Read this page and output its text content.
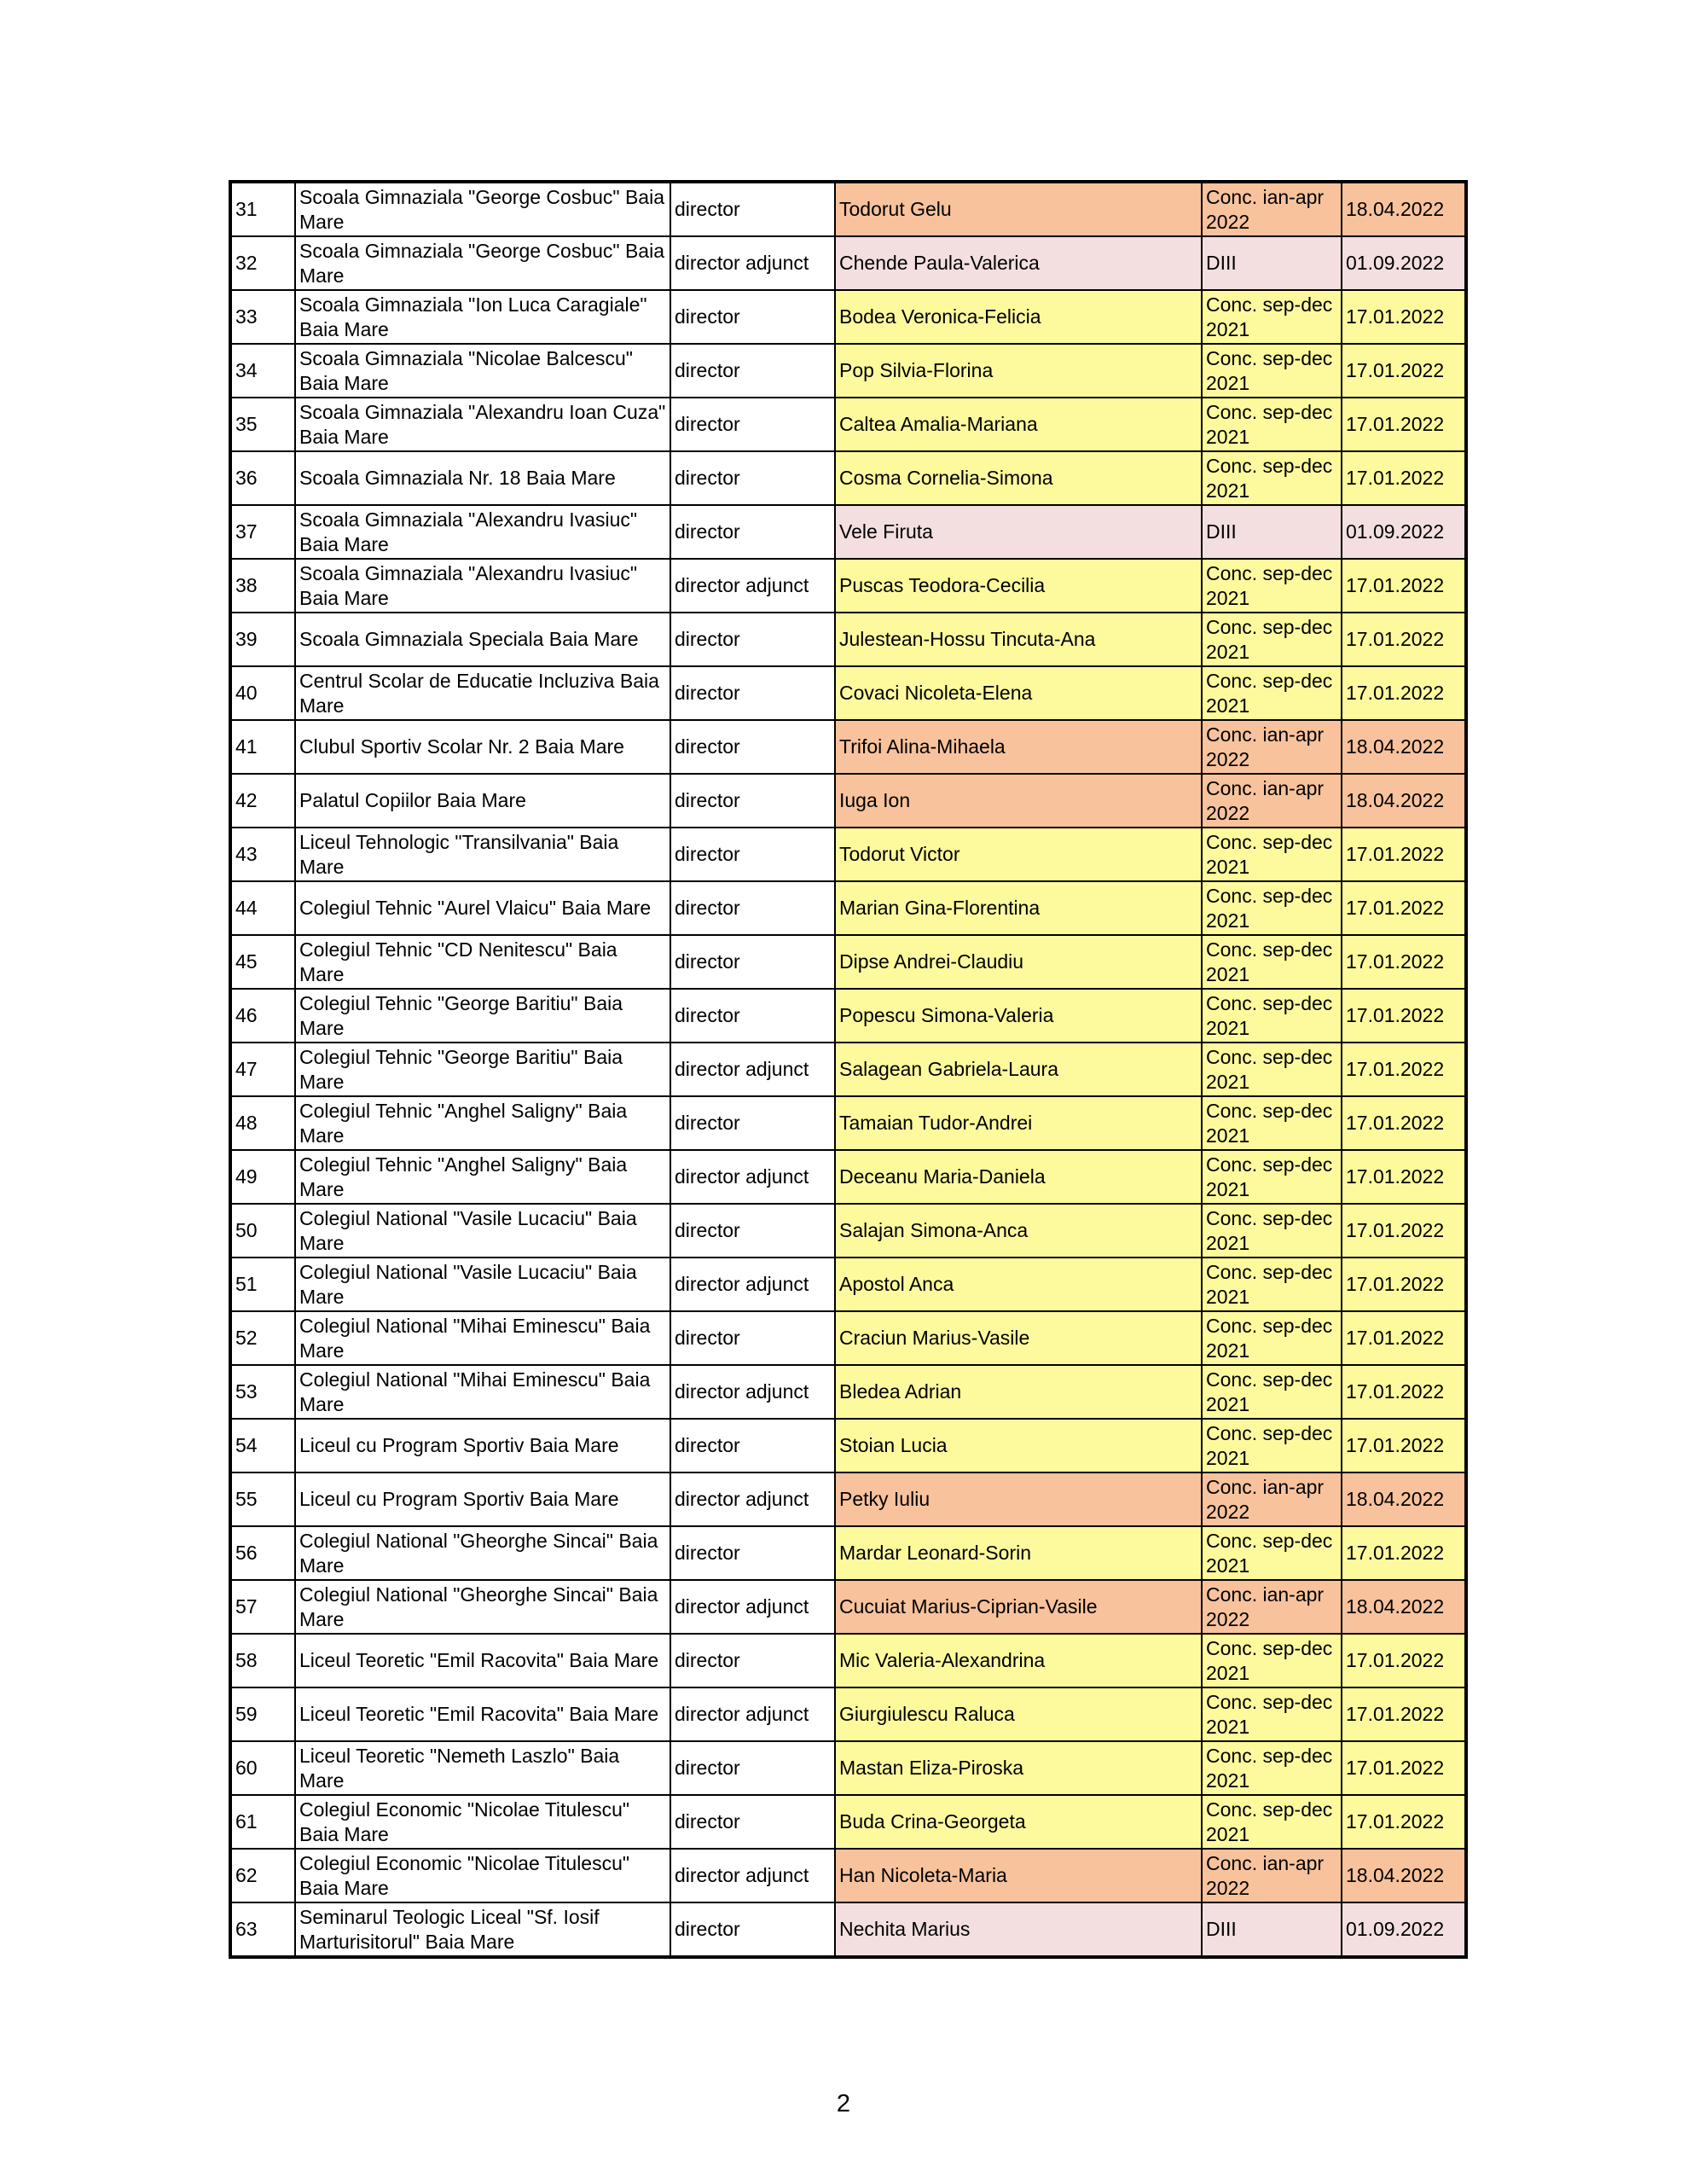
31	Scoala Gimnaziala "George Cosbuc" Baia Mare	director	Todorut Gelu	Conc. ian-apr 2022	18.04.2022
32	Scoala Gimnaziala "George Cosbuc" Baia Mare	director adjunct	Chende Paula-Valerica	DIII	01.09.2022
33	Scoala Gimnaziala "Ion Luca Caragiale" Baia Mare	director	Bodea Veronica-Felicia	Conc. sep-dec 2021	17.01.2022
34	Scoala Gimnaziala "Nicolae Balcescu" Baia Mare	director	Pop Silvia-Florina	Conc. sep-dec 2021	17.01.2022
35	Scoala Gimnaziala "Alexandru Ioan Cuza" Baia Mare	director	Caltea Amalia-Mariana	Conc. sep-dec 2021	17.01.2022
36	Scoala Gimnaziala Nr. 18 Baia Mare	director	Cosma Cornelia-Simona	Conc. sep-dec 2021	17.01.2022
37	Scoala Gimnaziala "Alexandru Ivasiuc" Baia Mare	director	Vele Firuta	DIII	01.09.2022
38	Scoala Gimnaziala "Alexandru Ivasiuc" Baia Mare	director adjunct	Puscas Teodora-Cecilia	Conc. sep-dec 2021	17.01.2022
39	Scoala Gimnaziala Speciala Baia Mare	director	Julestean-Hossu Tincuta-Ana	Conc. sep-dec 2021	17.01.2022
40	Centrul Scolar de Educatie Incluziva Baia Mare	director	Covaci Nicoleta-Elena	Conc. sep-dec 2021	17.01.2022
41	Clubul Sportiv Scolar Nr. 2 Baia Mare	director	Trifoi Alina-Mihaela	Conc. ian-apr 2022	18.04.2022
42	Palatul Copiilor Baia Mare	director	Iuga Ion	Conc. ian-apr 2022	18.04.2022
43	Liceul Tehnologic "Transilvania" Baia Mare	director	Todorut Victor	Conc. sep-dec 2021	17.01.2022
44	Colegiul Tehnic "Aurel Vlaicu" Baia Mare	director	Marian Gina-Florentina	Conc. sep-dec 2021	17.01.2022
45	Colegiul Tehnic "CD Nenitescu" Baia Mare	director	Dipse Andrei-Claudiu	Conc. sep-dec 2021	17.01.2022
46	Colegiul Tehnic "George Baritiu" Baia Mare	director	Popescu Simona-Valeria	Conc. sep-dec 2021	17.01.2022
47	Colegiul Tehnic "George Baritiu" Baia Mare	director adjunct	Salagean Gabriela-Laura	Conc. sep-dec 2021	17.01.2022
48	Colegiul Tehnic "Anghel Saligny" Baia Mare	director	Tamaian Tudor-Andrei	Conc. sep-dec 2021	17.01.2022
49	Colegiul Tehnic "Anghel Saligny" Baia Mare	director adjunct	Deceanu Maria-Daniela	Conc. sep-dec 2021	17.01.2022
50	Colegiul National "Vasile Lucaciu" Baia Mare	director	Salajan Simona-Anca	Conc. sep-dec 2021	17.01.2022
51	Colegiul National "Vasile Lucaciu" Baia Mare	director adjunct	Apostol Anca	Conc. sep-dec 2021	17.01.2022
52	Colegiul National "Mihai Eminescu" Baia Mare	director	Craciun Marius-Vasile	Conc. sep-dec 2021	17.01.2022
53	Colegiul National "Mihai Eminescu" Baia Mare	director adjunct	Bledea Adrian	Conc. sep-dec 2021	17.01.2022
54	Liceul cu Program Sportiv Baia Mare	director	Stoian Lucia	Conc. sep-dec 2021	17.01.2022
55	Liceul cu Program Sportiv Baia Mare	director adjunct	Petky Iuliu	Conc. ian-apr 2022	18.04.2022
56	Colegiul National "Gheorghe Sincai" Baia Mare	director	Mardar Leonard-Sorin	Conc. sep-dec 2021	17.01.2022
57	Colegiul National "Gheorghe Sincai" Baia Mare	director adjunct	Cucuiat Marius-Ciprian-Vasile	Conc. ian-apr 2022	18.04.2022
58	Liceul Teoretic "Emil Racovita" Baia Mare	director	Mic Valeria-Alexandrina	Conc. sep-dec 2021	17.01.2022
59	Liceul Teoretic "Emil Racovita" Baia Mare	director adjunct	Giurgiulescu Raluca	Conc. sep-dec 2021	17.01.2022
60	Liceul Teoretic "Nemeth Laszlo" Baia Mare	director	Mastan Eliza-Piroska	Conc. sep-dec 2021	17.01.2022
61	Colegiul Economic "Nicolae Titulescu" Baia Mare	director	Buda Crina-Georgeta	Conc. sep-dec 2021	17.01.2022
62	Colegiul Economic "Nicolae Titulescu" Baia Mare	director adjunct	Han Nicoleta-Maria	Conc. ian-apr 2022	18.04.2022
63	Seminarul Teologic Liceal "Sf. Iosif Marturisitorul" Baia Mare	director	Nechita Marius	DIII	01.09.2022
2
